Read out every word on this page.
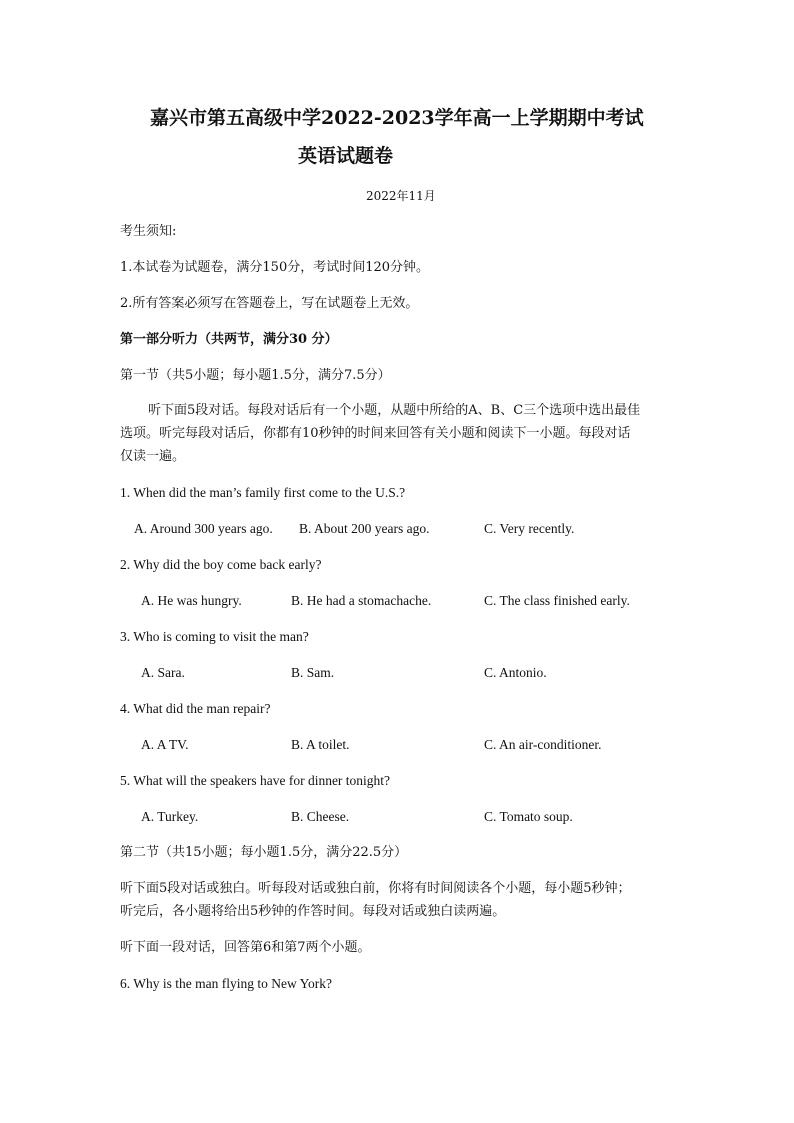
嘉兴市第五高级中学2022-2023学年高一上学期期中考试
英语试题卷
2022年11月
考生须知:
1.本试卷为试题卷，满分150分，考试时间120分钟。
2.所有答案必须写在答题卷上，写在试题卷上无效。
第一部分听力（共两节，满分30 分）
第一节（共5小题；每小题1.5分，满分7.5分）
听下面5段对话。每段对话后有一个小题，从题中所给的A、B、C三个选项中选出最佳
选项。听完每段对话后，你都有10秒钟的时间来回答有关小题和阅读下一小题。每段对话
仅读一遍。
1. When did the man’s family first come to the U.S.?
A. Around 300 years ago. B. About 200 years ago.	C. Very recently.
2. Why did the boy come back early?
A. He was hungry.	B. He had a stomachache.	C. The class finished early.
3. Who is coming to visit the man?
A. Sara.	B. Sam.	C. Antonio.
4. What did the man repair?
A. A TV.	B. A toilet.	C. An air-conditioner.
5. What will the speakers have for dinner tonight?
A. Turkey.	B. Cheese.	C. Tomato soup.
第二节（共15小题；每小题1.5分，满分22.5分）
听下面5段对话或独白。听每段对话或独白前，你将有时间阅读各个小题，每小题5秒钟；
听完后，各小题将给出5秒钟的作答时间。每段对话或独白读两遍。
听下面一段对话，回答第6和第7两个小题。
6. Why is the man flying to New York?
